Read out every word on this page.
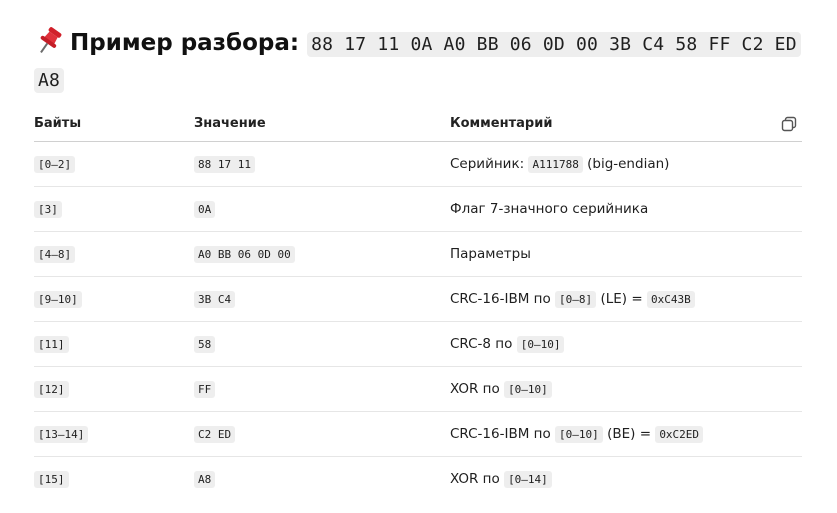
Пример разбора: 88 17 11 0A A0 BB 06 0D 00 3B C4 58 FF C2 ED A8
Байты	Значение	Комментарий

[0–2]	88 17 11	Серийник: A111788 (big-endian)
[3]	0A	Флаг 7-значного серийника
[4–8]	A0 BB 06 0D 00	Параметры
[9–10]	3B C4	CRC-16-IBM по [0–8] (LE) = 0xC43B
[11]	58	CRC-8 по [0–10]
[12]	FF	XOR по [0–10]
[13–14]	C2 ED	CRC-16-IBM по [0–10] (BE) = 0xC2ED
[15]	A8	XOR по [0–14]
